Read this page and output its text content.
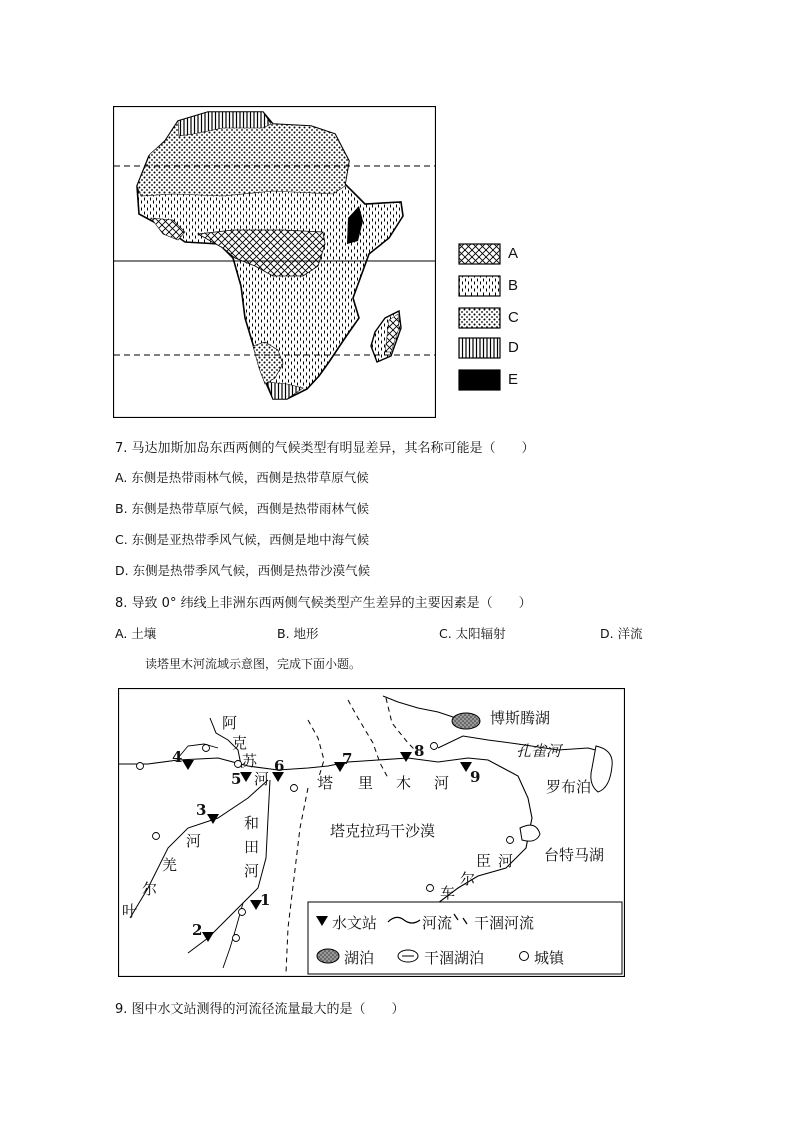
A
B
C
D
E
7. 马达加斯加岛东西两侧的气候类型有明显差异，其名称可能是（　　）
A. 东侧是热带雨林气候，西侧是热带草原气候
B. 东侧是热带草原气候，西侧是热带雨林气候
C. 东侧是亚热带季风气候，西侧是地中海气候
D. 东侧是热带季风气候，西侧是热带沙漠气候
8. 导致 0° 纬线上非洲东西两侧气候类型产生差异的主要因素是（　　）
A. 土壤	B. 地形	C. 太阳辐射	D. 洋流
读塔里木河流域示意图，完成下面小题。
博斯腾湖
孔雀河
罗布泊
台特马湖
塔克拉玛干沙漠
塔 里 木 河
阿
克
苏
河
和
田
河
河
羌
尔
叶
车
尔
臣 河
1
2
3
4
5
6	7	8
9
水文站	河流 干涸河流
湖泊	干涸湖泊	城镇
9. 图中水文站测得的河流径流量最大的是（　　）
